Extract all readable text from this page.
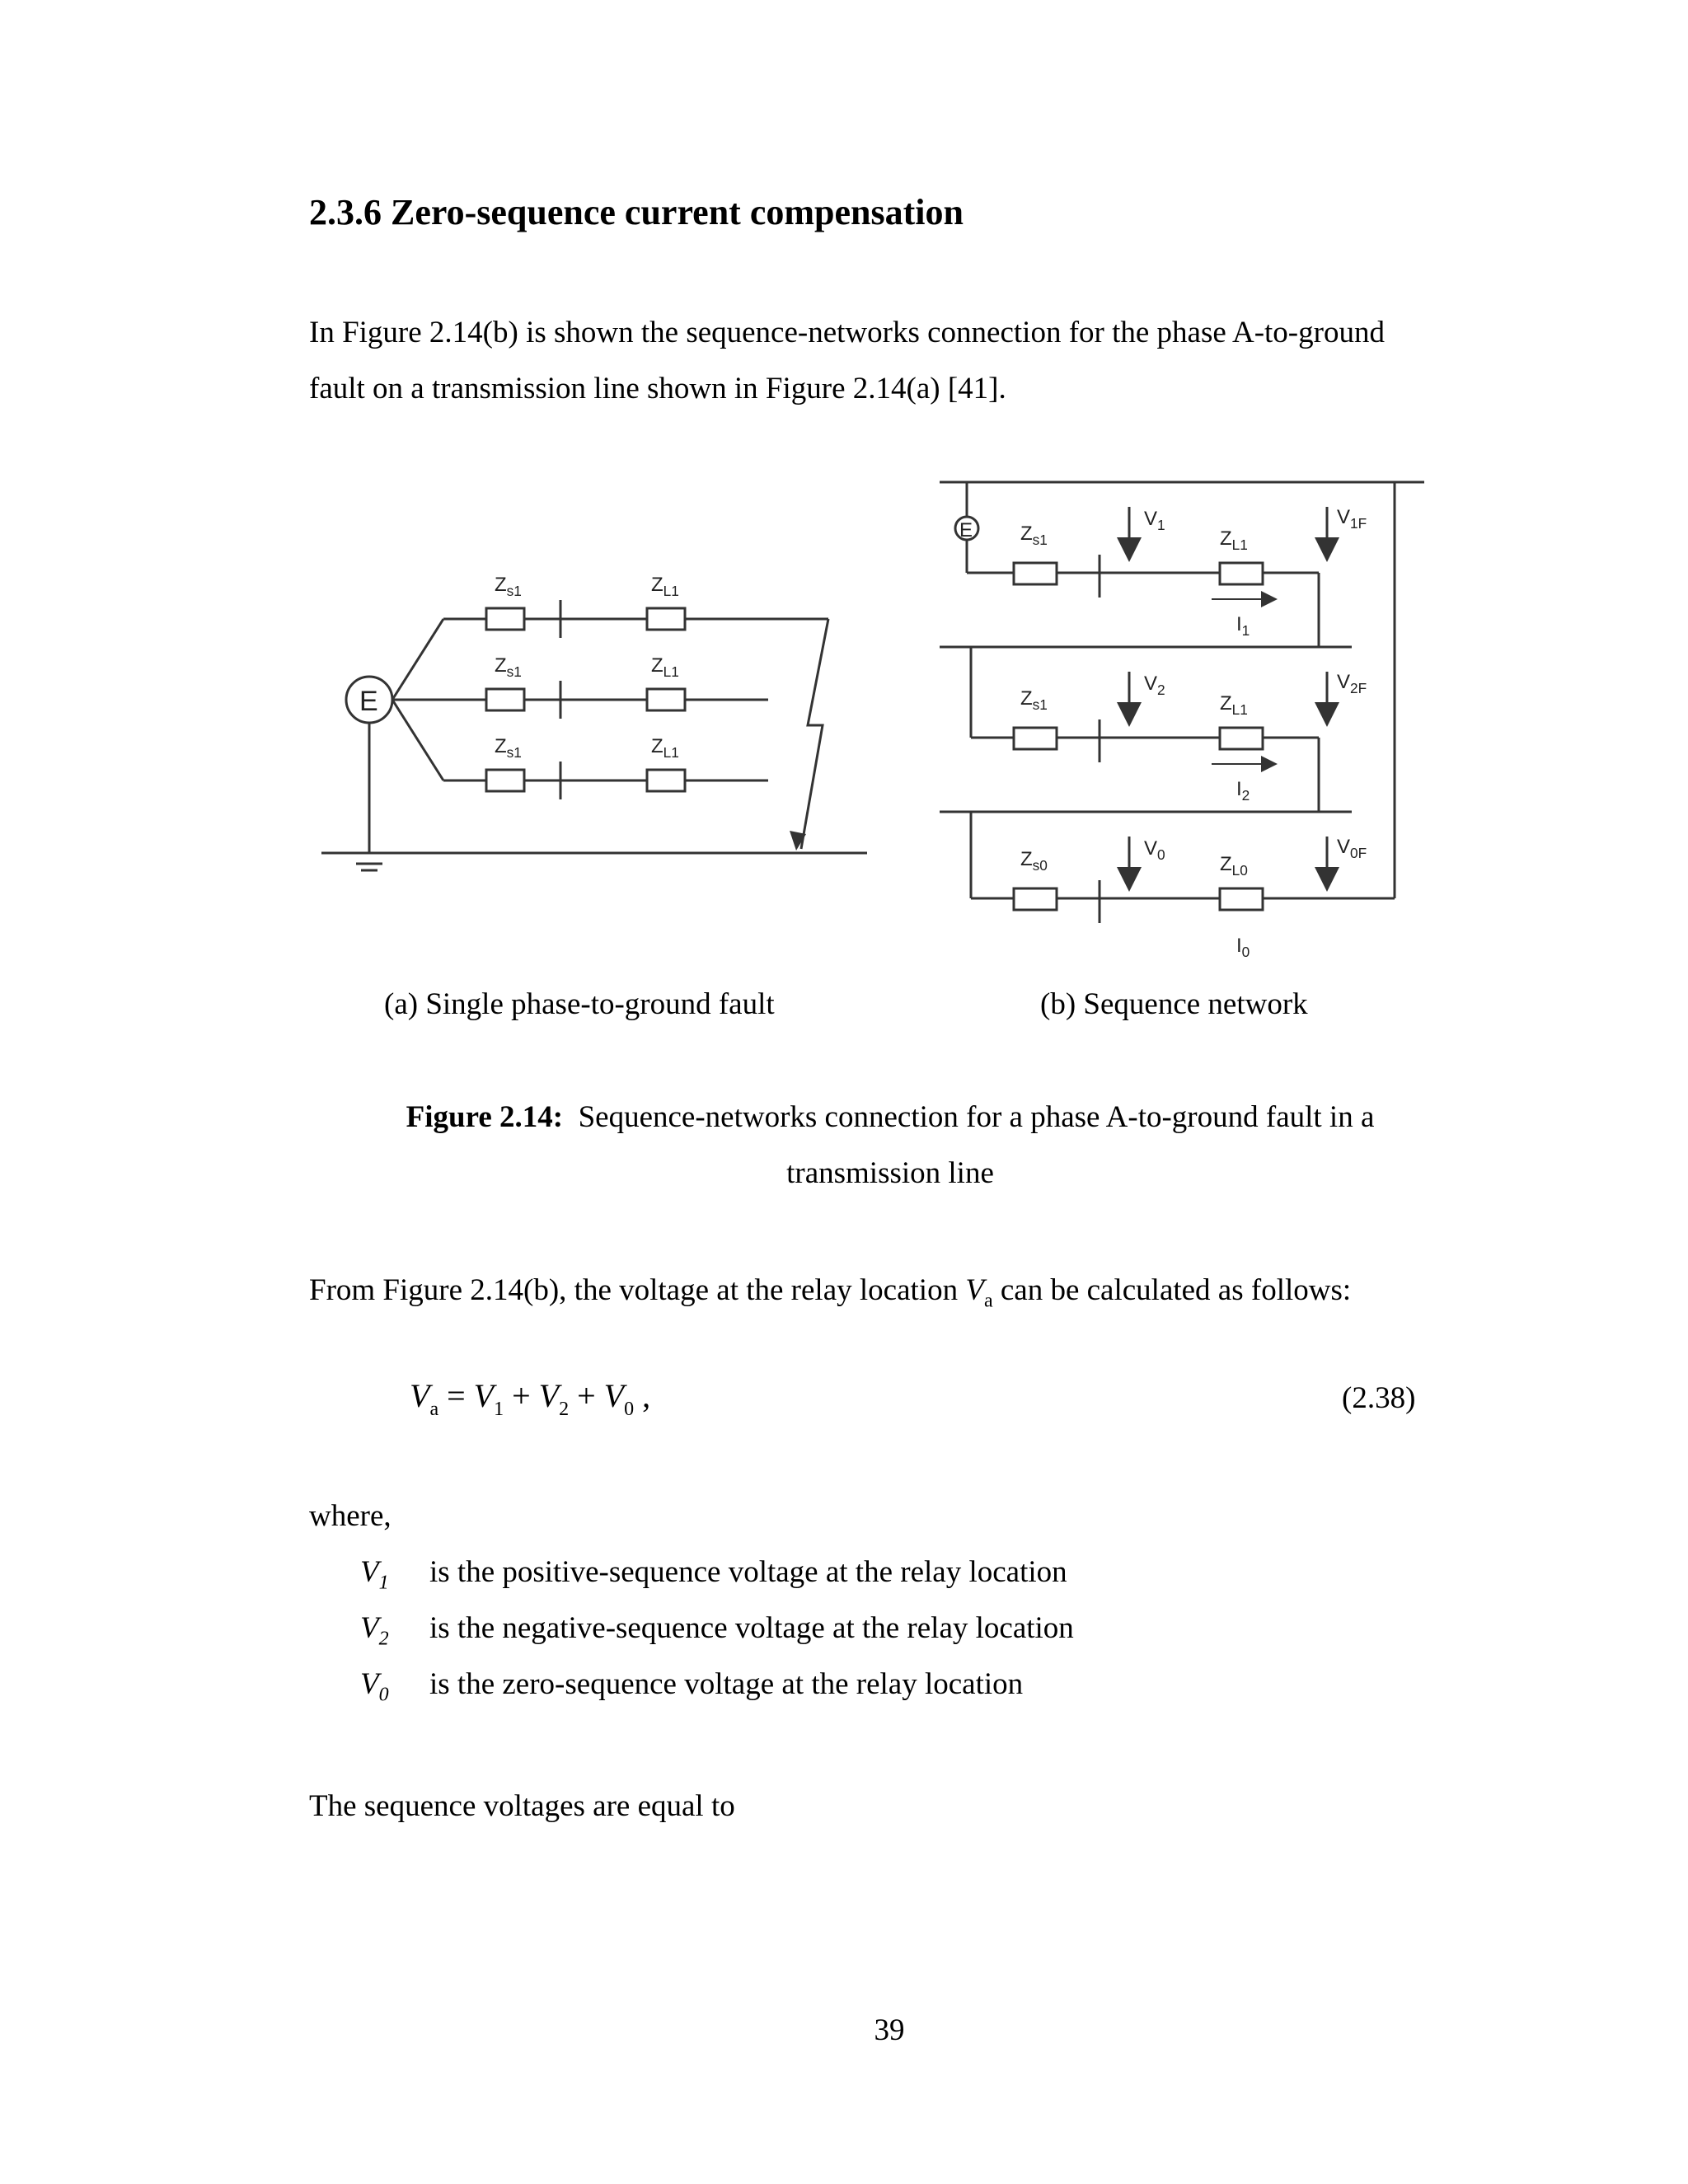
2.3.6 Zero-sequence current compensation
In Figure 2.14(b) is shown the sequence-networks connection for the phase A-to-ground
fault on a transmission line shown in Figure 2.14(a) [41].
E
$Z_{s1}$	$Z_{L1}$
$Z_{s1}$	$Z_{L1}$
$Z_{s1}$	$Z_{L1}$
E $Z_{s1}$
$V_1$
$Z_{L1}$
$V_{1F}$
$I_1$
$Z_{s1}$
$V_2$
$Z_{L1}$
$V_{2F}$
$I_2$
$Z_{s0}$
$V_0$	$Z_{L0}$
$V_{0F}$
$I_0$
(a) Single phase-to-ground fault	(b) Sequence network
Figure 2.14: Sequence-networks connection for a phase A-to-ground fault in a
transmission line
From Figure 2.14(b), the voltage at the relay location $V_a$ can be calculated as follows:
$V_a = V_1 + V_2 + V_0$ ,	(2.38)
where,
$V_1$ is the positive-sequence voltage at the relay location
$V_2$ is the negative-sequence voltage at the relay location
$V_0$ is the zero-sequence voltage at the relay location
The sequence voltages are equal to
39
